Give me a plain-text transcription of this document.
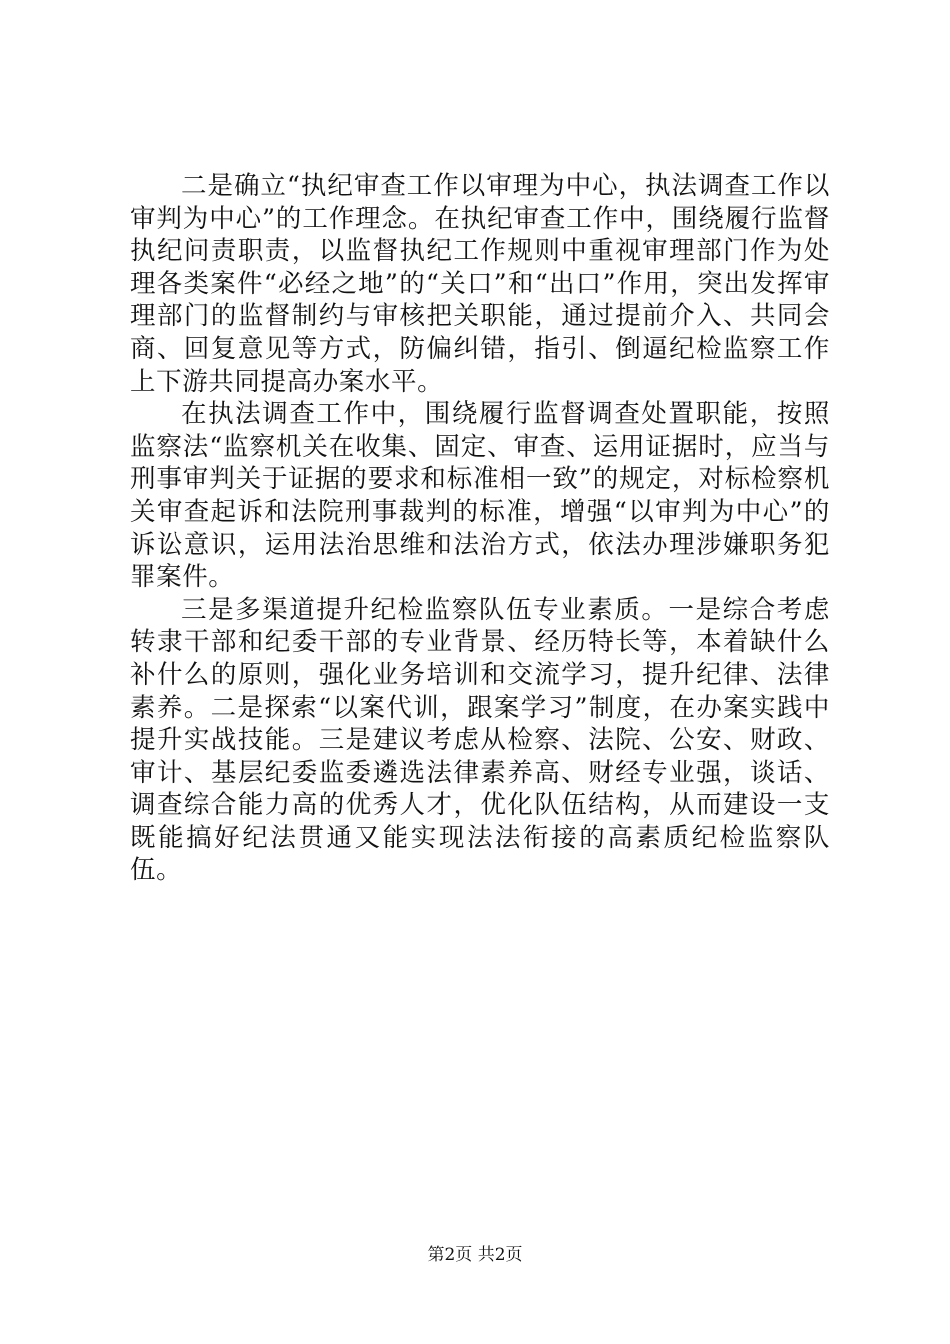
二是确立“执纪审查工作以审理为中心，执法调查工作以审判为中心”的工作理念。在执纪审查工作中，围绕履行监督执纪问责职责，以监督执纪工作规则中重视审理部门作为处理各类案件“必经之地”的“关口”和“出口”作用，突出发挥审理部门的监督制约与审核把关职能，通过提前介入、共同会商、回复意见等方式，防偏纠错，指引、倒逼纪检监察工作上下游共同提高办案水平。

在执法调查工作中，围绕履行监督调查处置职能，按照监察法“监察机关在收集、固定、审查、运用证据时，应当与刑事审判关于证据的要求和标准相一致”的规定，对标检察机关审查起诉和法院刑事裁判的标准，增强“以审判为中心”的诉讼意识，运用法治思维和法治方式，依法办理涉嫌职务犯罪案件。

三是多渠道提升纪检监察队伍专业素质。一是综合考虑转隶干部和纪委干部的专业背景、经历特长等，本着缺什么补什么的原则，强化业务培训和交流学习，提升纪律、法律素养。二是探索“以案代训，跟案学习”制度，在办案实践中提升实战技能。三是建议考虑从检察、法院、公安、财政、审计、基层纪委监委遴选法律素养高、财经专业强，谈话、调查综合能力高的优秀人才，优化队伍结构，从而建设一支既能搞好纪法贯通又能实现法法衔接的高素质纪检监察队伍。

第2页 共2页
